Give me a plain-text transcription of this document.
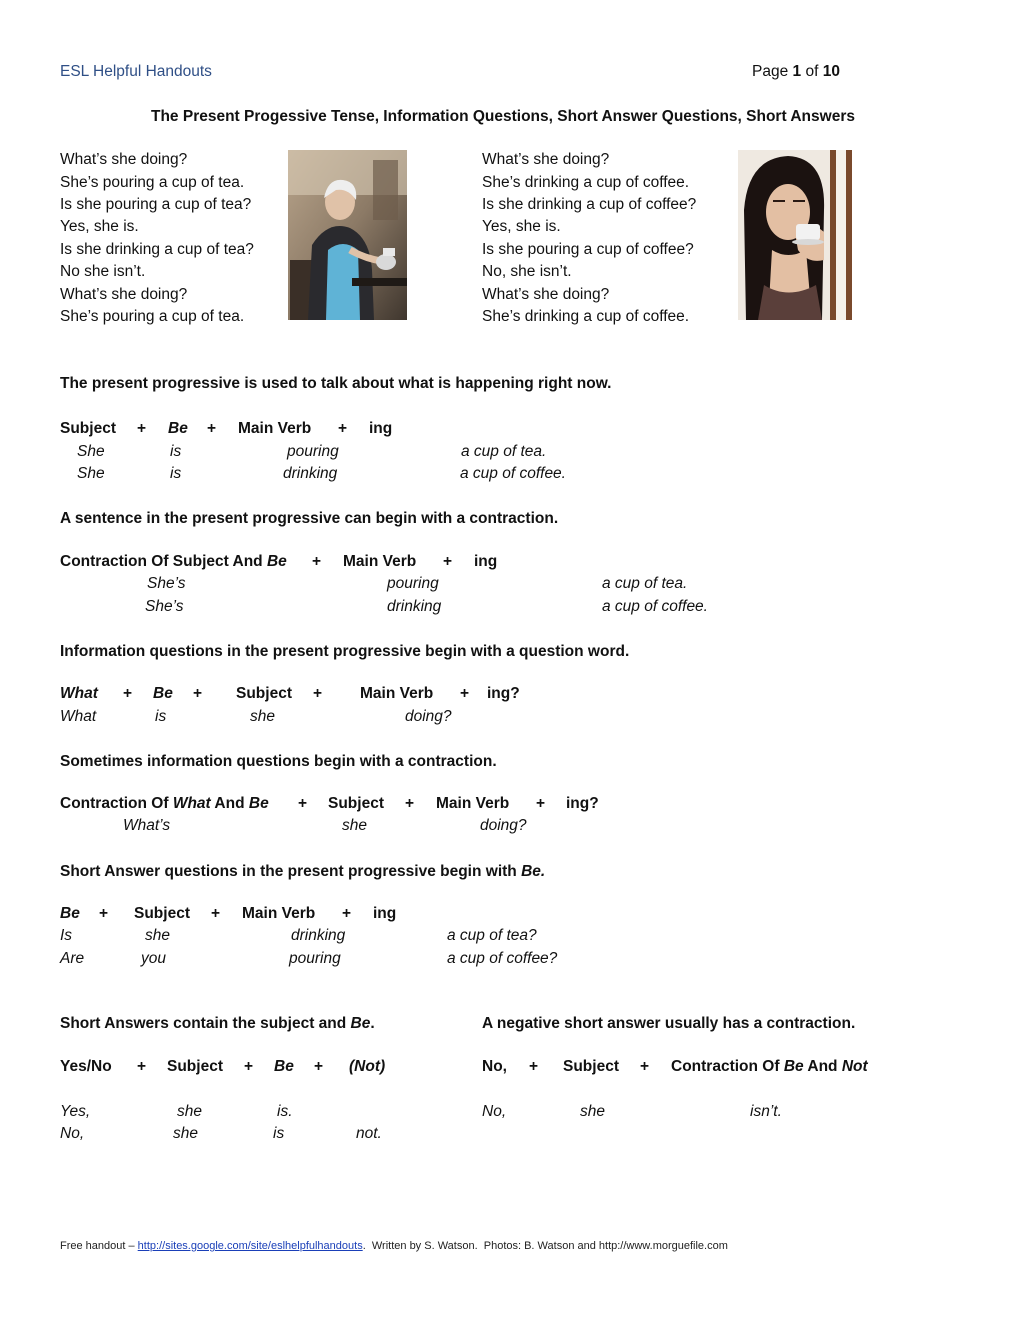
ESL Helpful Handouts	Page 1 of 10
The Present Progessive Tense, Information Questions, Short Answer Questions, Short Answers
What’s she doing?
She’s pouring a cup of tea.
Is she pouring a cup of tea?
Yes, she is.
Is she drinking a cup of tea?
No she isn’t.
What’s she doing?
She’s pouring a cup of tea.
What’s she doing?
She’s drinking a cup of coffee.
Is she drinking a cup of coffee?
Yes, she is.
Is she pouring a cup of coffee?
No, she isn’t.
What’s she doing?
She’s drinking a cup of coffee.
The present progressive is used to talk about what is happening right now.
Subject + Be + Main Verb + ing
She	is	pouring	a cup of tea.
She	is	drinking	a cup of coffee.
A sentence in the present progressive can begin with a contraction.
Contraction Of Subject And Be + Main Verb + ing
She’s	pouring	a cup of tea.
She’s	drinking	a cup of coffee.
Information questions in the present progressive begin with a question word.
What + Be + Subject + Main Verb + ing?
What	is	she	doing?
Sometimes information questions begin with a contraction.
Contraction Of What And Be + Subject + Main Verb + ing?
What’s	she	doing?
Short Answer questions in the present progressive begin with Be.
Be + Subject + Main Verb + ing
Is	she	drinking	a cup of tea?
Are	you	pouring	a cup of coffee?
Short Answers contain the subject and Be.
Yes/No + Subject + Be + (Not)
Yes,	she	is.
No,	she	is	not.
A negative short answer usually has a contraction.
No, + Subject + Contraction Of Be And Not
No,	she	isn’t.
Free handout – http://sites.google.com/site/eslhelpfulhandouts.  Written by S. Watson.  Photos: B. Watson and http://www.morguefile.com
